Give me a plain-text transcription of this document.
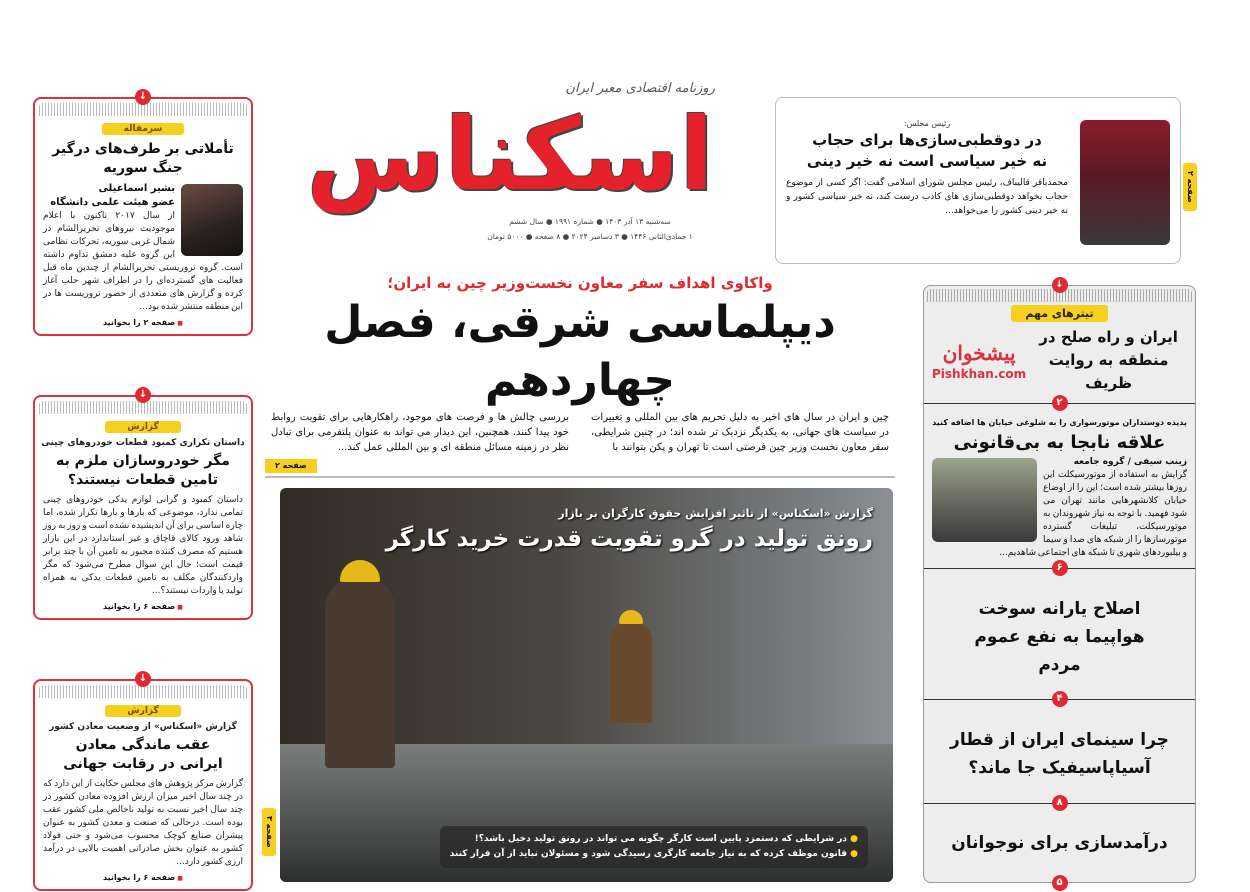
↓
سرمقاله
تأملاتی بر طرف‌های درگیر جنگ سوریه
بشیر اسماعیلی
عضو هیئت علمی دانشگاه
از سال ۲۰۱۷ تاکنون با اعلام موجودیت نیروهای تحریرالشام در شمال غربی سوریه، تحرکات نظامی این گروه علیه دمشق تداوم داشته است. گروه تروریستی تحریرالشام از چندین ماه قبل فعالیت های گسترده‌ای را در اطراف شهر حلب آغاز کرده و گزارش های متعددی از حضور تروریست ها در این منطقه منتشر شده بود...
■ صفحه ۲ را بخوانید
↓
گزارش
داستان تکراری کمبود قطعات خودروهای چینی
مگر خودروسازان ملزم به تامین قطعات نیستند؟
داستان کمبود و گرانی لوازم یدکی خودروهای چینی تمامی ندارد، موضوعی که بارها و بارها تکرار شده، اما چاره اساسی برای آن اندیشیده نشده است و روز به روز شاهد ورود کالای قاچاق و غیر استاندارد در این بازار هستیم که مصرف کننده مجبور به تامین آن با چند برابر قیمت است؛ حال این سوال مطرح می‌شود که مگر واردکنندگان مکلف به تامین قطعات یدکی به همراه تولید یا واردات نیستند؟...
■ صفحه ۶ را بخوانید
↓
گزارش
گزارش «اسکناس» از وضعیت معادن کشور
عقب ماندگی معادن ایرانی در رقابت جهانی
گزارش مرکز پژوهش های مجلس حکایت از این دارد که در چند سال اخیر میزان ارزش افزوده معادن کشور در چند سال اخیر نسبت به تولید ناخالص ملی کشور عقب بوده است. درحالی که صنعت و معدن کشور به عنوان پیشران صنایع کوچک محسوب می‌شود و حتی فولاد کشور به عنوان بخش صادراتی اهمیت بالایی در درآمد ارزی کشور دارد...
■ صفحه ۶ را بخوانید
روزنامه اقتصادی معبر ایران
اسکناس
سه‌شنبه ۱۳ آذر ۱۴۰۳ ● شماره ۱۹۹۱ ● سال ششم
۱ جمادی‌الثانی ۱۴۴۶ ● ۳ دسامبر ۲۰۲۴ ● ۸ صفحه ● ۵۰۰۰ تومان
رئیس مجلس:
در دوقطبی‌سازی‌ها برای حجاب
نه خیر سیاسی است نه خیر دینی
محمدباقر قالیباف، رئیس مجلس شورای اسلامی گفت: اگر کسی از موضوع حجاب بخواهد دوقطبی‌سازی های کاذب درست کند، نه خیر سیاسی کشور و نه خیر دینی کشور را می‌خواهد...
صفحه ۲
واکاوی اهداف سفر معاون نخست‌وزیر چین به ایران؛
دیپلماسی شرقی، فصل چهاردهم
چین و ایران در سال های اخیر به دلیل تحریم های بین المللی و تغییرات در سیاست های جهانی، به یکدیگر نزدیک تر شده اند؛ در چنین شرایطی، سفر معاون نخست وزیر چین فرصتی است تا تهران و پکن بتوانند با
بررسی چالش ها و فرصت های موجود، راهکارهایی برای تقویت روابط خود پیدا کنند. همچنین، این دیدار می تواند به عنوان پلتفرمی برای تبادل نظر در زمینه مسائل منطقه ای و بین المللی عمل کند...
صفحه ۲
گزارش «اسکناس» از تاثیر افزایش حقوق کارگران بر بازار
رونق تولید در گرو تقویت قدرت خرید کارگر
● در شرایطی که دستمزد پایین است کارگر چگونه می تواند در رونق تولید دخیل باشد؟!
● قانون موظف کرده که به نیاز جامعه کارگری رسیدگی شود و مسئولان نباید از آن فرار کنند
صفحه ۳
↓
تیترهای مهم
ایران و راه صلح در منطقه به روایت ظریف
پیشخوان
Pishkhan.com
۲
پدیده دوستداران موتورسواری را به شلوغی خیابان ها اضافه کنید
علاقه نابجا به بی‌قانونی
زینب سیفی / گروه جامعه
گرایش به استفاده از موتورسیکلت این روزها بیشتر شده است؛ این را از اوضاع خیابان کلانشهرهایی مانند تهران می شود فهمید. با توجه به نیاز شهروندان به موتورسیکلت، تبلیغات گسترده موتورسازها را از شبکه های صدا و سیما و بیلبوردهای شهری تا شبکه های اجتماعی شاهدیم...
۶
اصلاح یارانه سوخت هواپیما به نفع عموم مردم
۴
چرا سینمای ایران از قطار آسیاپاسیفیک جا ماند؟
۸
درآمدسازی برای نوجوانان
۵
